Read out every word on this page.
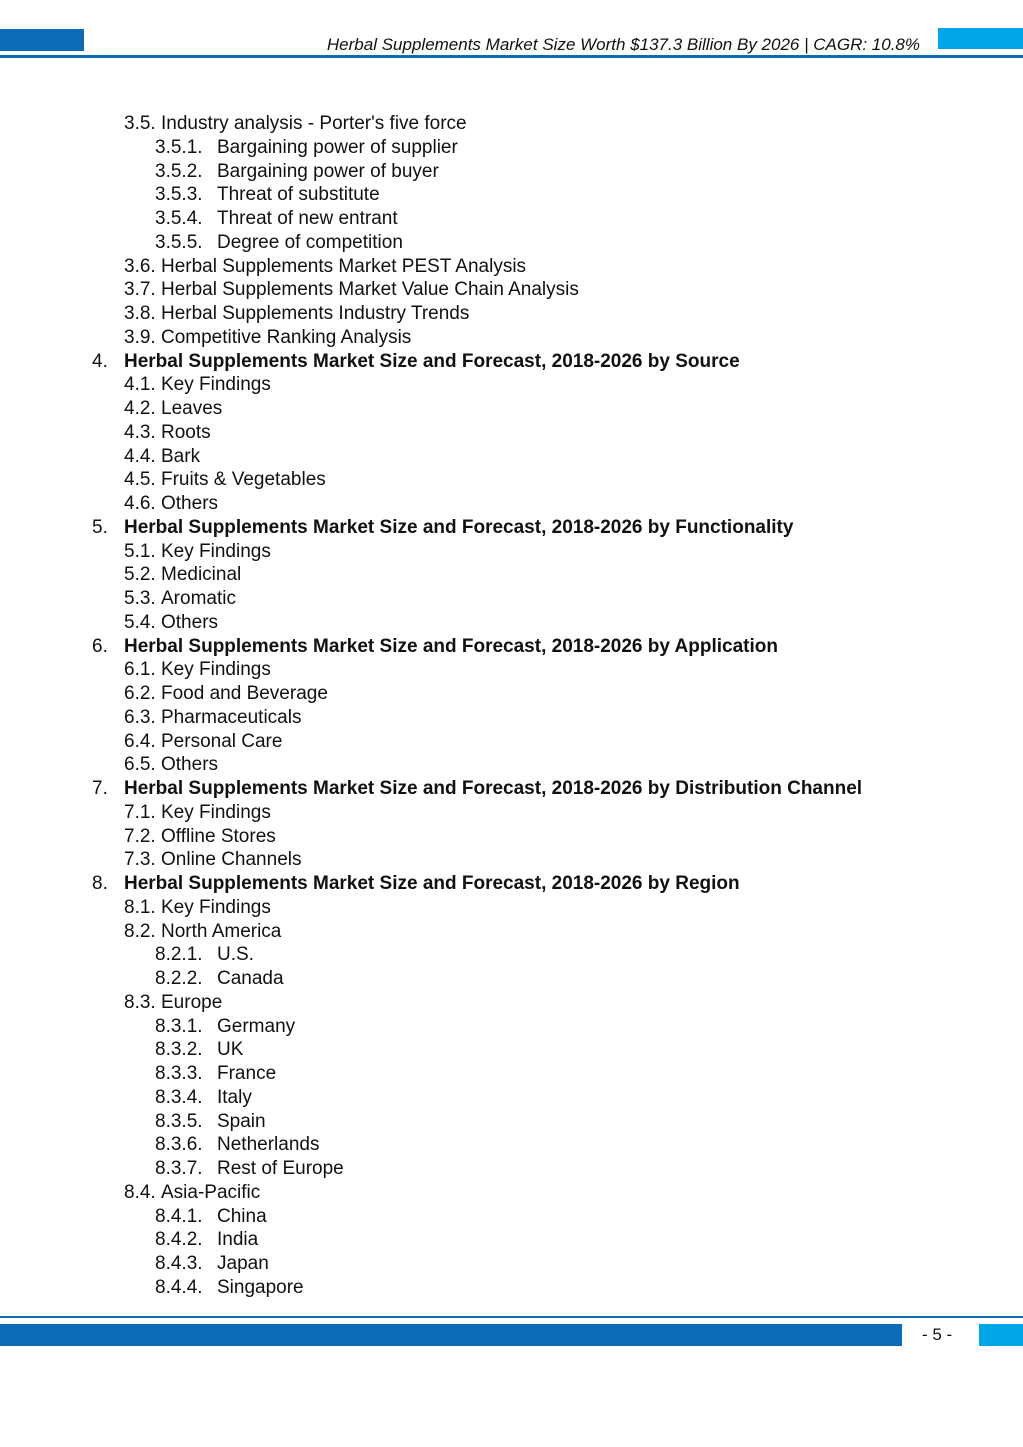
Herbal Supplements Market Size Worth $137.3 Billion By 2026 | CAGR: 10.8%
3.5. Industry analysis - Porter's five force
3.5.1. Bargaining power of supplier
3.5.2. Bargaining power of buyer
3.5.3. Threat of substitute
3.5.4. Threat of new entrant
3.5.5. Degree of competition
3.6. Herbal Supplements Market PEST Analysis
3.7. Herbal Supplements Market Value Chain Analysis
3.8. Herbal Supplements Industry Trends
3.9. Competitive Ranking Analysis
4. Herbal Supplements Market Size and Forecast, 2018-2026 by Source
4.1. Key Findings
4.2. Leaves
4.3. Roots
4.4. Bark
4.5. Fruits & Vegetables
4.6. Others
5. Herbal Supplements Market Size and Forecast, 2018-2026 by Functionality
5.1. Key Findings
5.2. Medicinal
5.3. Aromatic
5.4. Others
6. Herbal Supplements Market Size and Forecast, 2018-2026 by Application
6.1. Key Findings
6.2. Food and Beverage
6.3. Pharmaceuticals
6.4. Personal Care
6.5. Others
7. Herbal Supplements Market Size and Forecast, 2018-2026 by Distribution Channel
7.1. Key Findings
7.2. Offline Stores
7.3. Online Channels
8. Herbal Supplements Market Size and Forecast, 2018-2026 by Region
8.1. Key Findings
8.2. North America
8.2.1. U.S.
8.2.2. Canada
8.3. Europe
8.3.1. Germany
8.3.2. UK
8.3.3. France
8.3.4. Italy
8.3.5. Spain
8.3.6. Netherlands
8.3.7. Rest of Europe
8.4. Asia-Pacific
8.4.1. China
8.4.2. India
8.4.3. Japan
8.4.4. Singapore
- 5 -
